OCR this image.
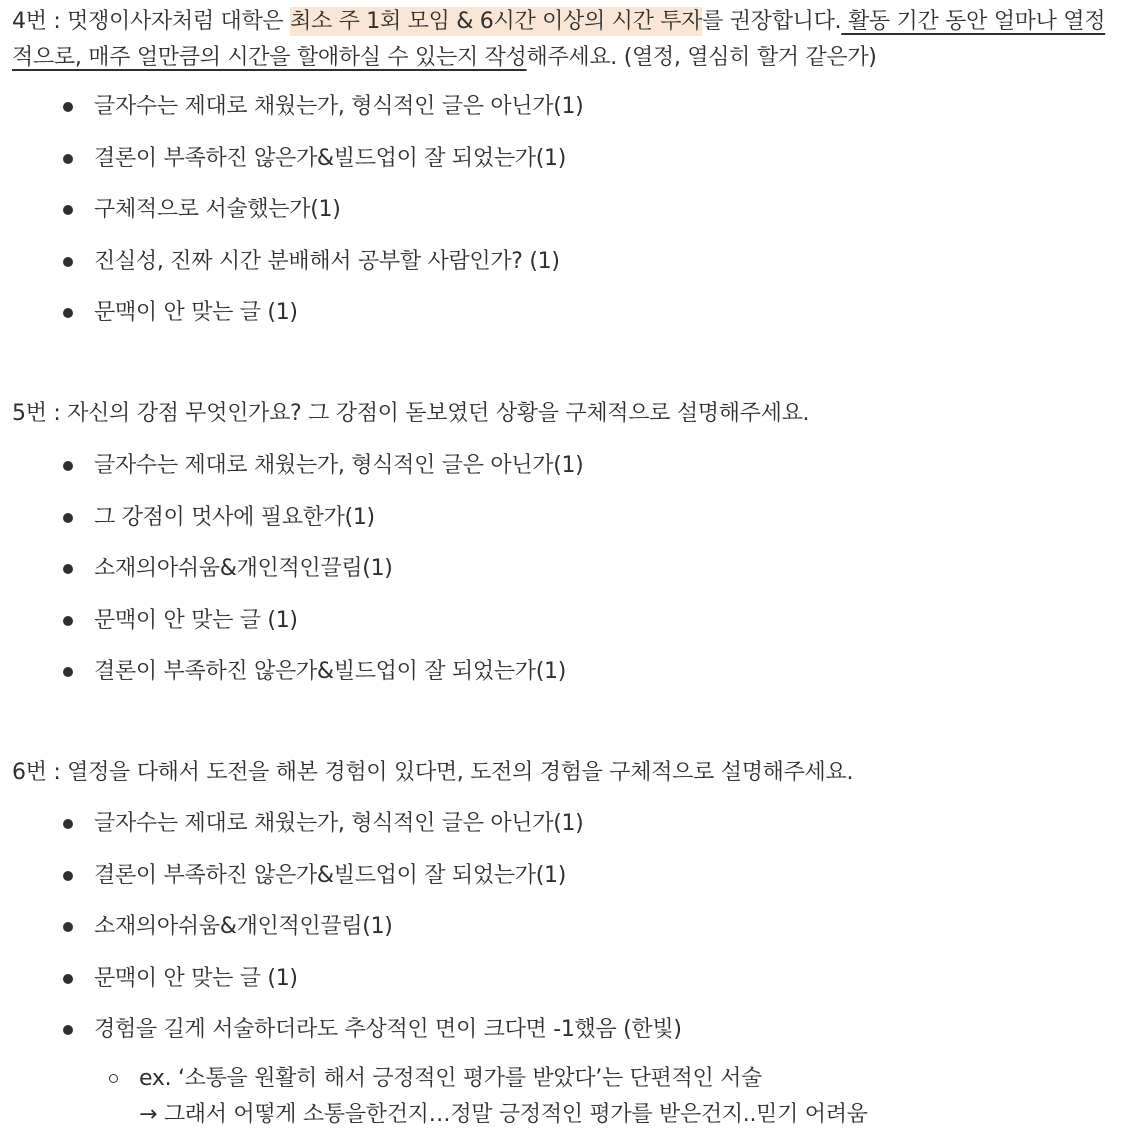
4번 : 멋쟁이사자처럼 대학은 최소 주 1회 모임 & 6시간 이상의 시간 투자를 권장합니다. 활동 기간 동안 얼마나 열정적으로, 매주 얼만큼의 시간을 할애하실 수 있는지 작성해주세요. (열정, 열심히 할거 같은가)
글자수는 제대로 채웠는가, 형식적인 글은 아닌가(1)
결론이 부족하진 않은가&빌드업이 잘 되었는가(1)
구체적으로 서술했는가(1)
진실성, 진짜 시간 분배해서 공부할 사람인가? (1)
문맥이 안 맞는 글 (1)
5번 : 자신의 강점 무엇인가요? 그 강점이 돋보였던 상황을 구체적으로 설명해주세요.
글자수는 제대로 채웠는가, 형식적인 글은 아닌가(1)
그 강점이 멋사에 필요한가(1)
소재의아쉬움&개인적인끌림(1)
문맥이 안 맞는 글 (1)
결론이 부족하진 않은가&빌드업이 잘 되었는가(1)
6번 : 열정을 다해서 도전을 해본 경험이 있다면, 도전의 경험을 구체적으로 설명해주세요.
글자수는 제대로 채웠는가, 형식적인 글은 아닌가(1)
결론이 부족하진 않은가&빌드업이 잘 되었는가(1)
소재의아쉬움&개인적인끌림(1)
문맥이 안 맞는 글 (1)
경험을 길게 서술하더라도 추상적인 면이 크다면 -1했음 (한빛)
ex. ‘소통을 원활히 해서 긍정적인 평가를 받았다’는 단편적인 서술
→ 그래서 어떻게 소통을한건지…정말 긍정적인 평가를 받은건지..믿기 어려움
